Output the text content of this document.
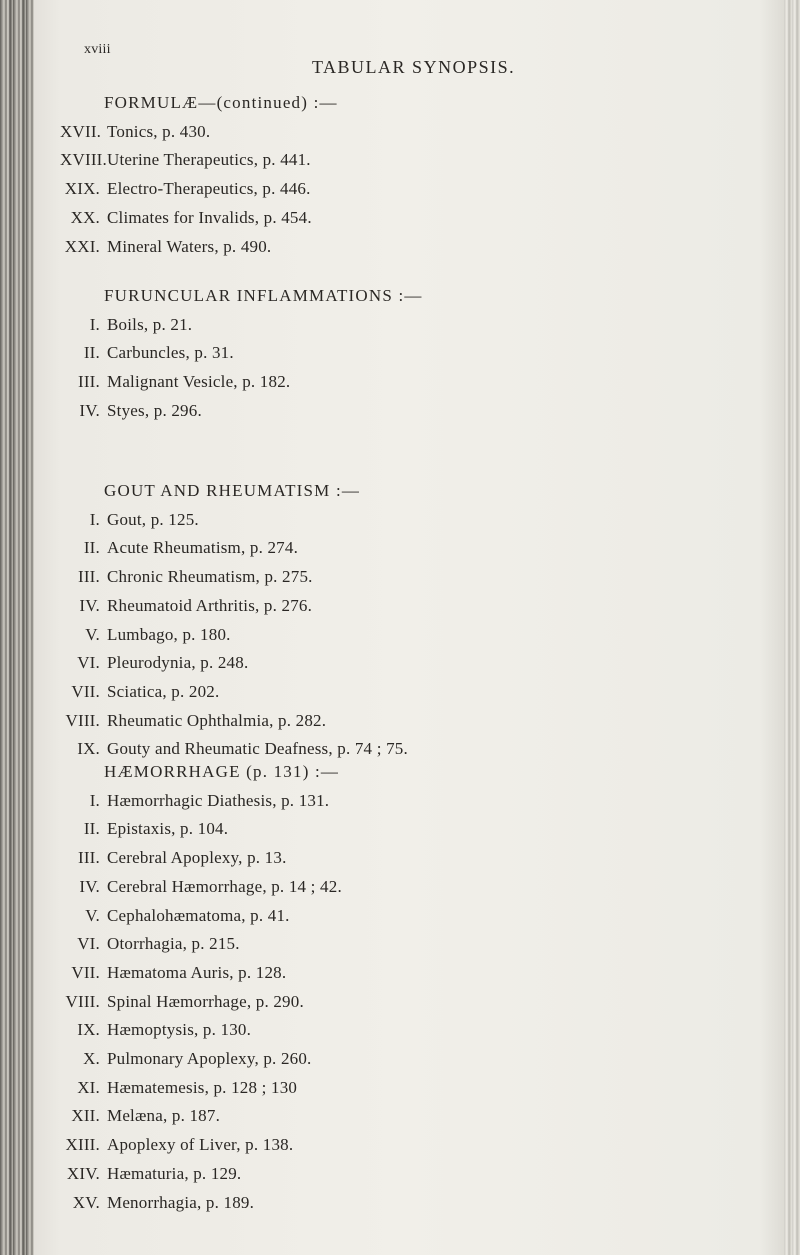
xviii
TABULAR SYNOPSIS.
FORMULÆ—(continued) :—
XVII. Tonics, p. 430.
XVIII.Uterine Therapeutics, p. 441.
XIX. Electro-Therapeutics, p. 446.
XX. Climates for Invalids, p. 454.
XXI. Mineral Waters, p. 490.
FURUNCULAR INFLAMMATIONS :—
I. Boils, p. 21.
II. Carbuncles, p. 31.
III. Malignant Vesicle, p. 182.
IV. Styes, p. 296.
GOUT AND RHEUMATISM :—
I. Gout, p. 125.
II. Acute Rheumatism, p. 274.
III. Chronic Rheumatism, p. 275.
IV. Rheumatoid Arthritis, p. 276.
V. Lumbago, p. 180.
VI. Pleurodynia, p. 248.
VII. Sciatica, p. 202.
VIII. Rheumatic Ophthalmia, p. 282.
IX. Gouty and Rheumatic Deafness, p. 74 ; 75.
HÆMORRHAGE (p. 131) :—
I. Hæmorrhagic Diathesis, p. 131.
II. Epistaxis, p. 104.
III. Cerebral Apoplexy, p. 13.
IV. Cerebral Hæmorrhage, p. 14 ; 42.
V. Cephalohæmatoma, p. 41.
VI. Otorrhagia, p. 215.
VII. Hæmatoma Auris, p. 128.
VIII. Spinal Hæmorrhage, p. 290.
IX. Hæmoptysis, p. 130.
X. Pulmonary Apoplexy, p. 260.
XI. Hæmatemesis, p. 128 ; 130
XII. Melæna, p. 187.
XIII. Apoplexy of Liver, p. 138.
XIV. Hæmaturia, p. 129.
XV. Menorrhagia, p. 189.
